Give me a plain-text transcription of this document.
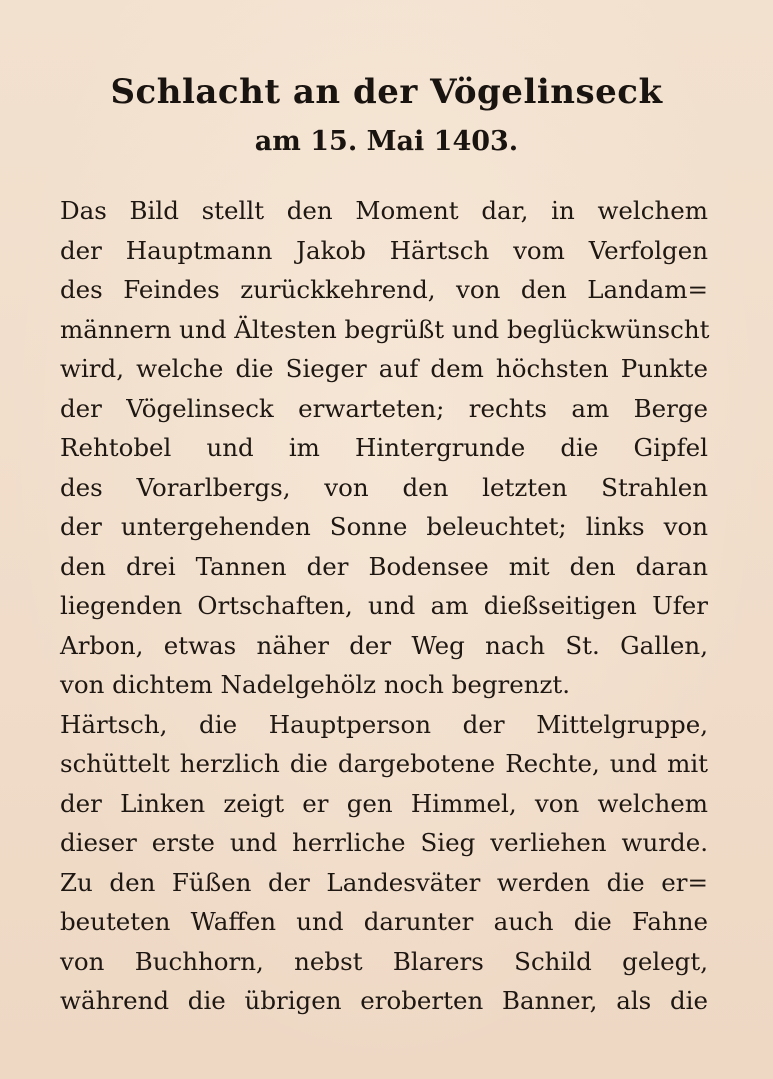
Schlacht an der Vögelinseck
am 15. Mai 1403.
Das Bild stellt den Moment dar, in welchem
der Hauptmann Jakob Härtsch vom Verfolgen
des Feindes zurückkehrend, von den Landam=
männern und Ältesten begrüßt und beglückwünscht
wird, welche die Sieger auf dem höchsten Punkte
der Vögelinseck erwarteten; rechts am Berge
Rehtobel und im Hintergrunde die Gipfel
des Vorarlbergs, von den letzten Strahlen
der untergehenden Sonne beleuchtet; links von
den drei Tannen der Bodensee mit den daran
liegenden Ortschaften, und am dießseitigen Ufer
Arbon, etwas näher der Weg nach St. Gallen,
von dichtem Nadelgehölz noch begrenzt.
Härtsch, die Hauptperson der Mittelgruppe,
schüttelt herzlich die dargebotene Rechte, und mit
der Linken zeigt er gen Himmel, von welchem
dieser erste und herrliche Sieg verliehen wurde.
Zu den Füßen der Landesväter werden die er=
beuteten Waffen und darunter auch die Fahne
von Buchhorn, nebst Blarers Schild gelegt,
während die übrigen eroberten Banner, als die
